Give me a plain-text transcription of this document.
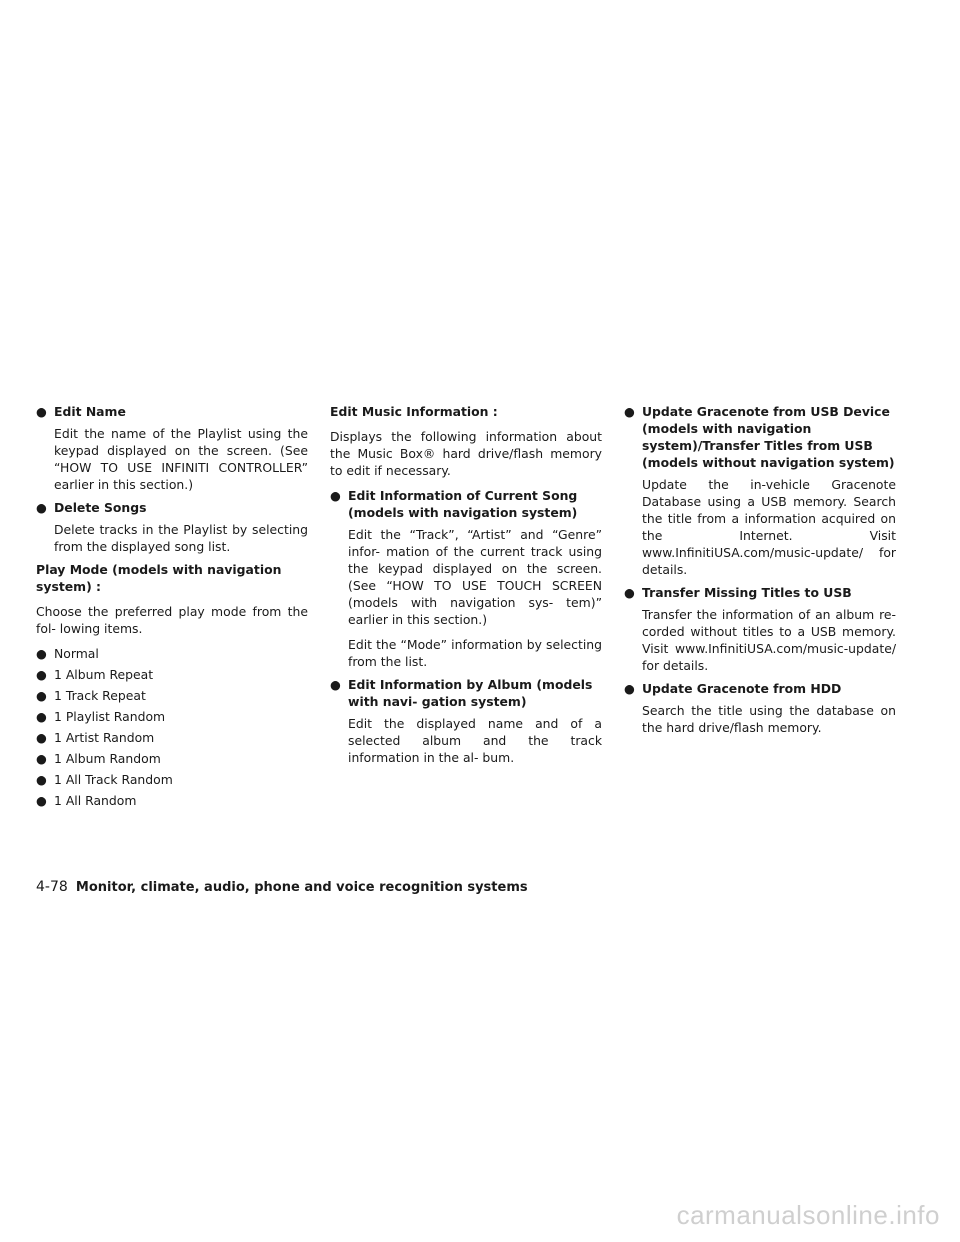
● Edit Name
Edit the name of the Playlist using the keypad displayed on the screen. (See “HOW TO USE INFINITI CONTROLLER” earlier in this section.)
● Delete Songs
Delete tracks in the Playlist by selecting from the displayed song list.
Play Mode (models with navigation system) :
Choose the preferred play mode from the fol- lowing items.
● Normal
● 1 Album Repeat
● 1 Track Repeat
● 1 Playlist Random
● 1 Artist Random
● 1 Album Random
● 1 All Track Random
● 1 All Random
Edit Music Information :
Displays the following information about the Music Box® hard drive/flash memory to edit if necessary.
● Edit Information of Current Song (models with navigation system)
Edit the “Track”, “Artist” and “Genre” infor- mation of the current track using the keypad displayed on the screen. (See “HOW TO USE TOUCH SCREEN (models with navigation sys- tem)” earlier in this section.)
Edit the “Mode” information by selecting from the list.
● Edit Information by Album (models with navi- gation system)
Edit the displayed name and of a selected album and the track information in the al- bum.
● Update Gracenote from USB Device (models with navigation system)/Transfer Titles from USB (models without navigation system)
Update the in-vehicle Gracenote Database using a USB memory. Search the title from a information acquired on the Internet. Visit www.InfinitiUSA.com/music-update/ for details.
● Transfer Missing Titles to USB
Transfer the information of an album re- corded without titles to a USB memory. Visit www.InfinitiUSA.com/music-update/ for details.
● Update Gracenote from HDD
Search the title using the database on the hard drive/flash memory.
4-78 Monitor, climate, audio, phone and voice recognition systems
carmanualsonline.info
